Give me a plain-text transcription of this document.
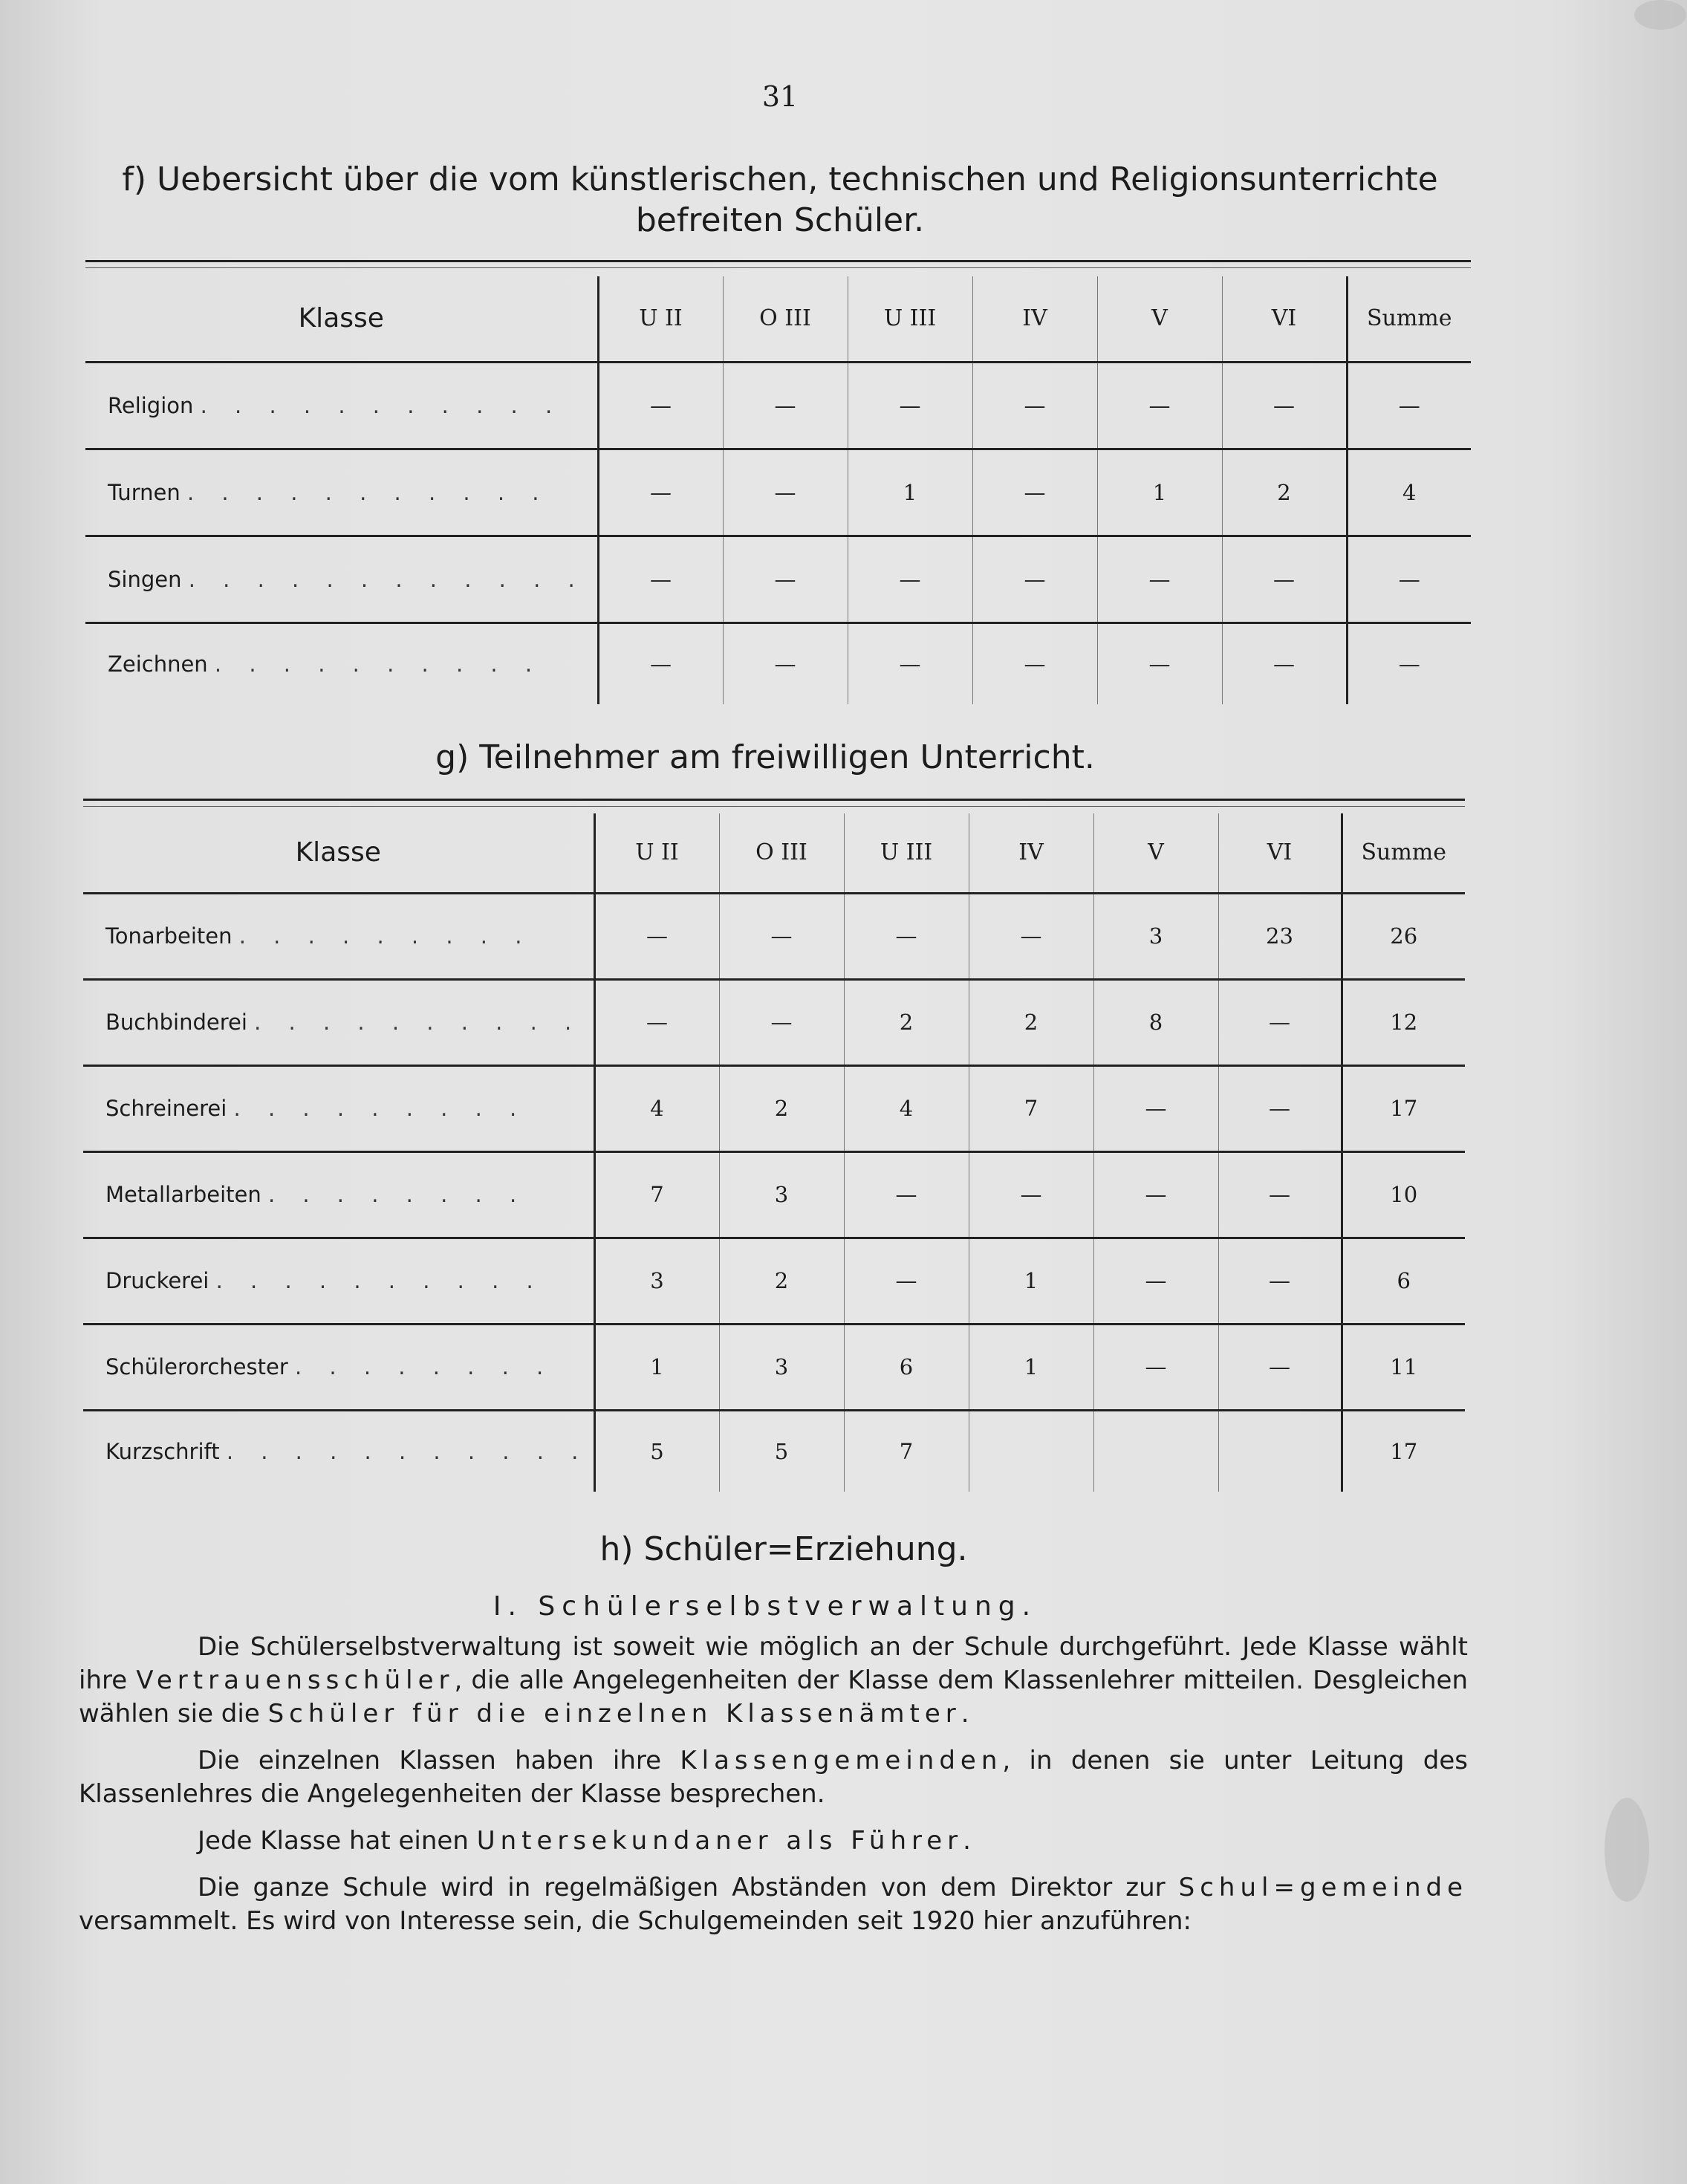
31
f) Uebersicht über die vom künstlerischen, technischen und Religionsunterrichte
befreiten Schüler.
Klasse	U II	O III	U III	IV	V	VI	Summe
Religion . . . . . . . . . . .	—	—	—	—	—	—	—
Turnen . . . . . . . . . . .	—	—	1	—	1	2	4
Singen . . . . . . . . . . . .	—	—	—	—	—	—	—
Zeichnen . . . . . . . . . .	—	—	—	—	—	—	—
g) Teilnehmer am freiwilligen Unterricht.
Klasse	U II	O III	U III	IV	V	VI	Summe
Tonarbeiten . . . . . . . . .	—	—	—	—	3	23	26
Buchbinderei . . . . . . . . . .	—	—	2	2	8	—	12
Schreinerei . . . . . . . . .	4	2	4	7	—	—	17
Metallarbeiten . . . . . . . .	7	3	—	—	—	—	10
Druckerei . . . . . . . . . .	3	2	—	1	—	—	6
Schülerorchester . . . . . . . .	1	3	6	1	—	—	11
Kurzschrift . . . . . . . . . . .	5	5	7				17
h) Schüler=Erziehung.
I. Schülerselbstverwaltung.

Die Schülerselbstverwaltung ist soweit wie möglich an der Schule durchgeführt. Jede Klasse wählt ihre Vertrauensschüler, die alle Angelegenheiten der Klasse dem Klassenlehrer mitteilen. Desgleichen wählen sie die Schüler für die einzelnen Klassenämter.

Die einzelnen Klassen haben ihre Klassengemeinden, in denen sie unter Leitung des Klassenlehres die Angelegenheiten der Klasse besprechen.

Jede Klasse hat einen Untersekundaner als Führer.

Die ganze Schule wird in regelmäßigen Abständen von dem Direktor zur Schul=gemeinde versammelt. Es wird von Interesse sein, die Schulgemeinden seit 1920 hier anzuführen:
